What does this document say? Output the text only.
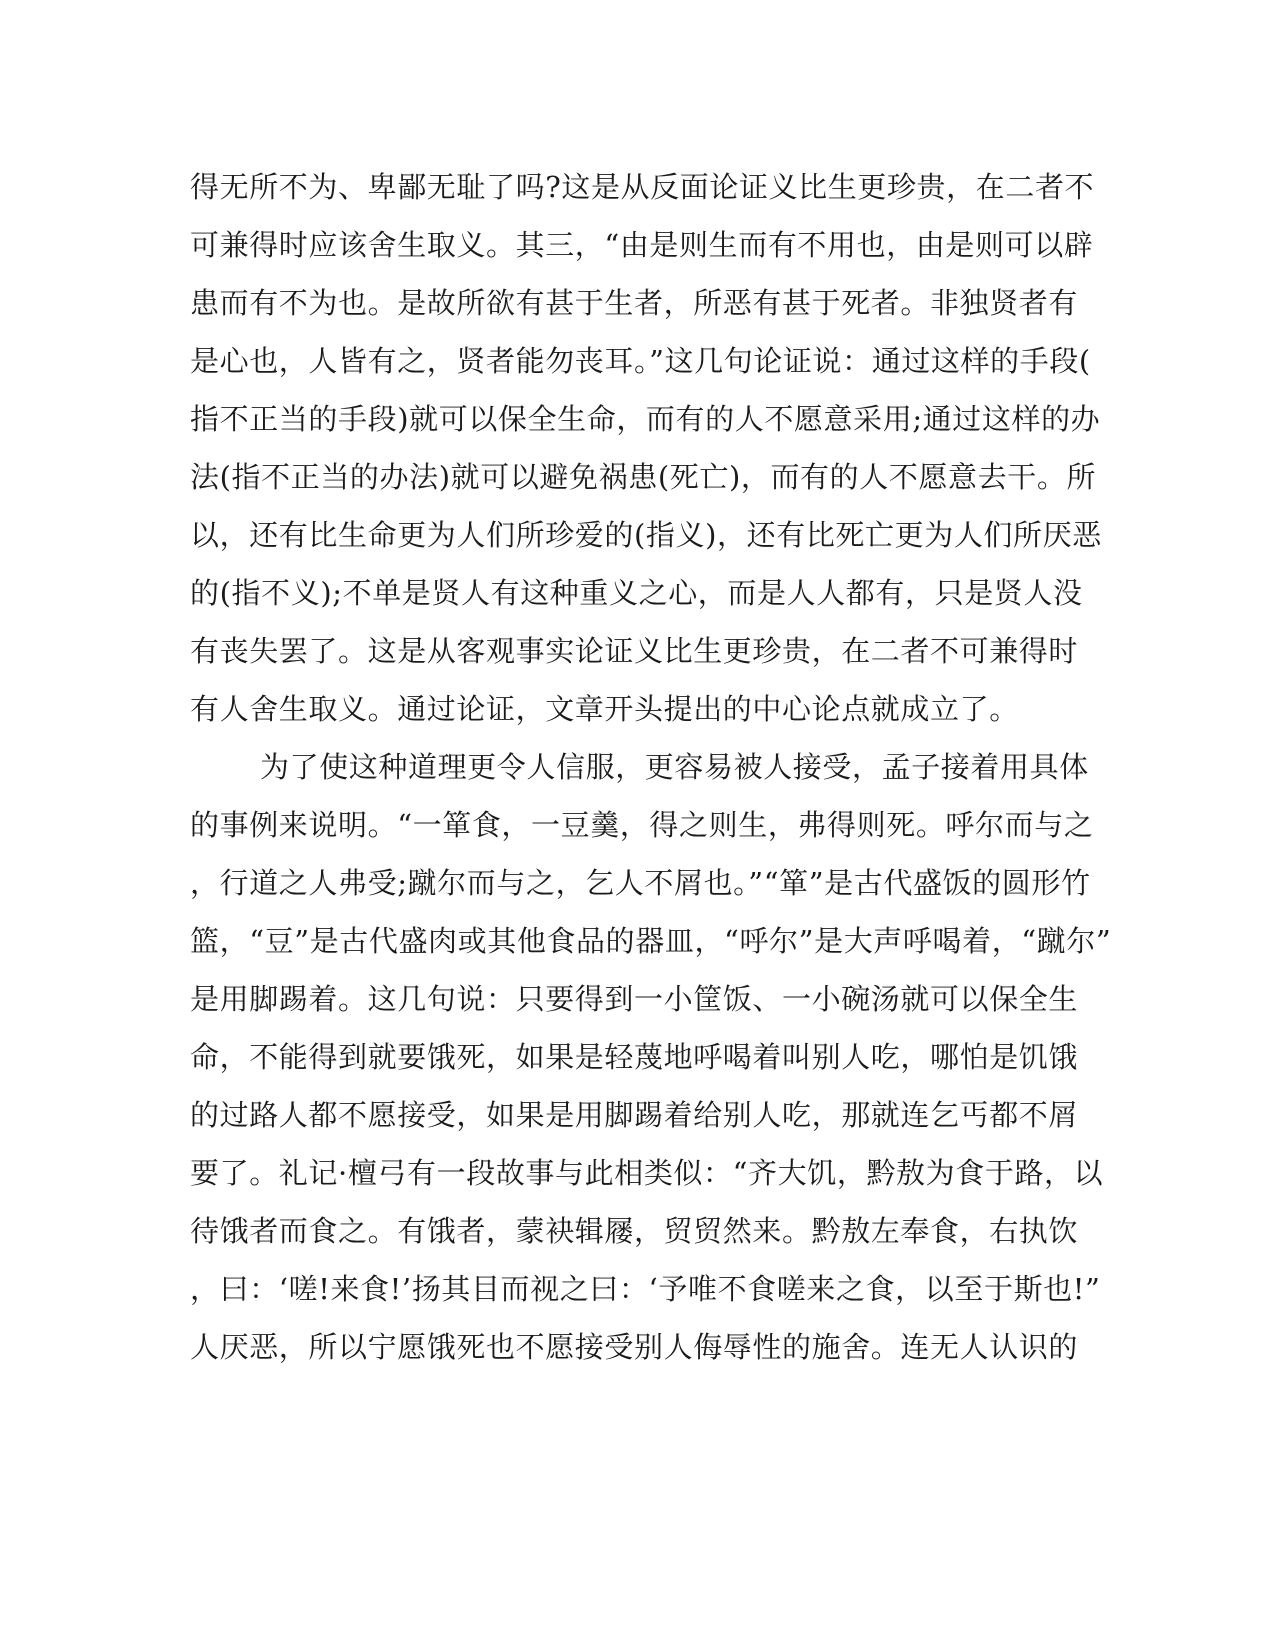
得无所不为、卑鄙无耻了吗?这是从反面论证义比生更珍贵，在二者不
可兼得时应该舍生取义。其三，“由是则生而有不用也，由是则可以辟
患而有不为也。是故所欲有甚于生者，所恶有甚于死者。非独贤者有
是心也，人皆有之，贤者能勿丧耳。”这几句论证说：通过这样的手段(
指不正当的手段)就可以保全生命，而有的人不愿意采用;通过这样的办
法(指不正当的办法)就可以避免祸患(死亡)，而有的人不愿意去干。所
以，还有比生命更为人们所珍爱的(指义)，还有比死亡更为人们所厌恶
的(指不义);不单是贤人有这种重义之心，而是人人都有，只是贤人没
有丧失罢了。这是从客观事实论证义比生更珍贵，在二者不可兼得时
有人舍生取义。通过论证，文章开头提出的中心论点就成立了。
为了使这种道理更令人信服，更容易被人接受，孟子接着用具体
的事例来说明。“一箪食，一豆羹，得之则生，弗得则死。呼尔而与之
，行道之人弗受;蹴尔而与之，乞人不屑也。”“箪”是古代盛饭的圆形竹
篮，“豆”是古代盛肉或其他食品的器皿，“呼尔”是大声呼喝着，“蹴尔”
是用脚踢着。这几句说：只要得到一小筐饭、一小碗汤就可以保全生
命，不能得到就要饿死，如果是轻蔑地呼喝着叫别人吃，哪怕是饥饿
的过路人都不愿接受，如果是用脚踢着给别人吃，那就连乞丐都不屑
要了。礼记·檀弓有一段故事与此相类似：“齐大饥，黔敖为食于路，以
待饿者而食之。有饿者，蒙袂辑屦，贸贸然来。黔敖左奉食，右执饮
，曰：‘嗟!来食!’扬其目而视之曰：‘予唯不食嗟来之食，以至于斯也!”
人厌恶，所以宁愿饿死也不愿接受别人侮辱性的施舍。连无人认识的
